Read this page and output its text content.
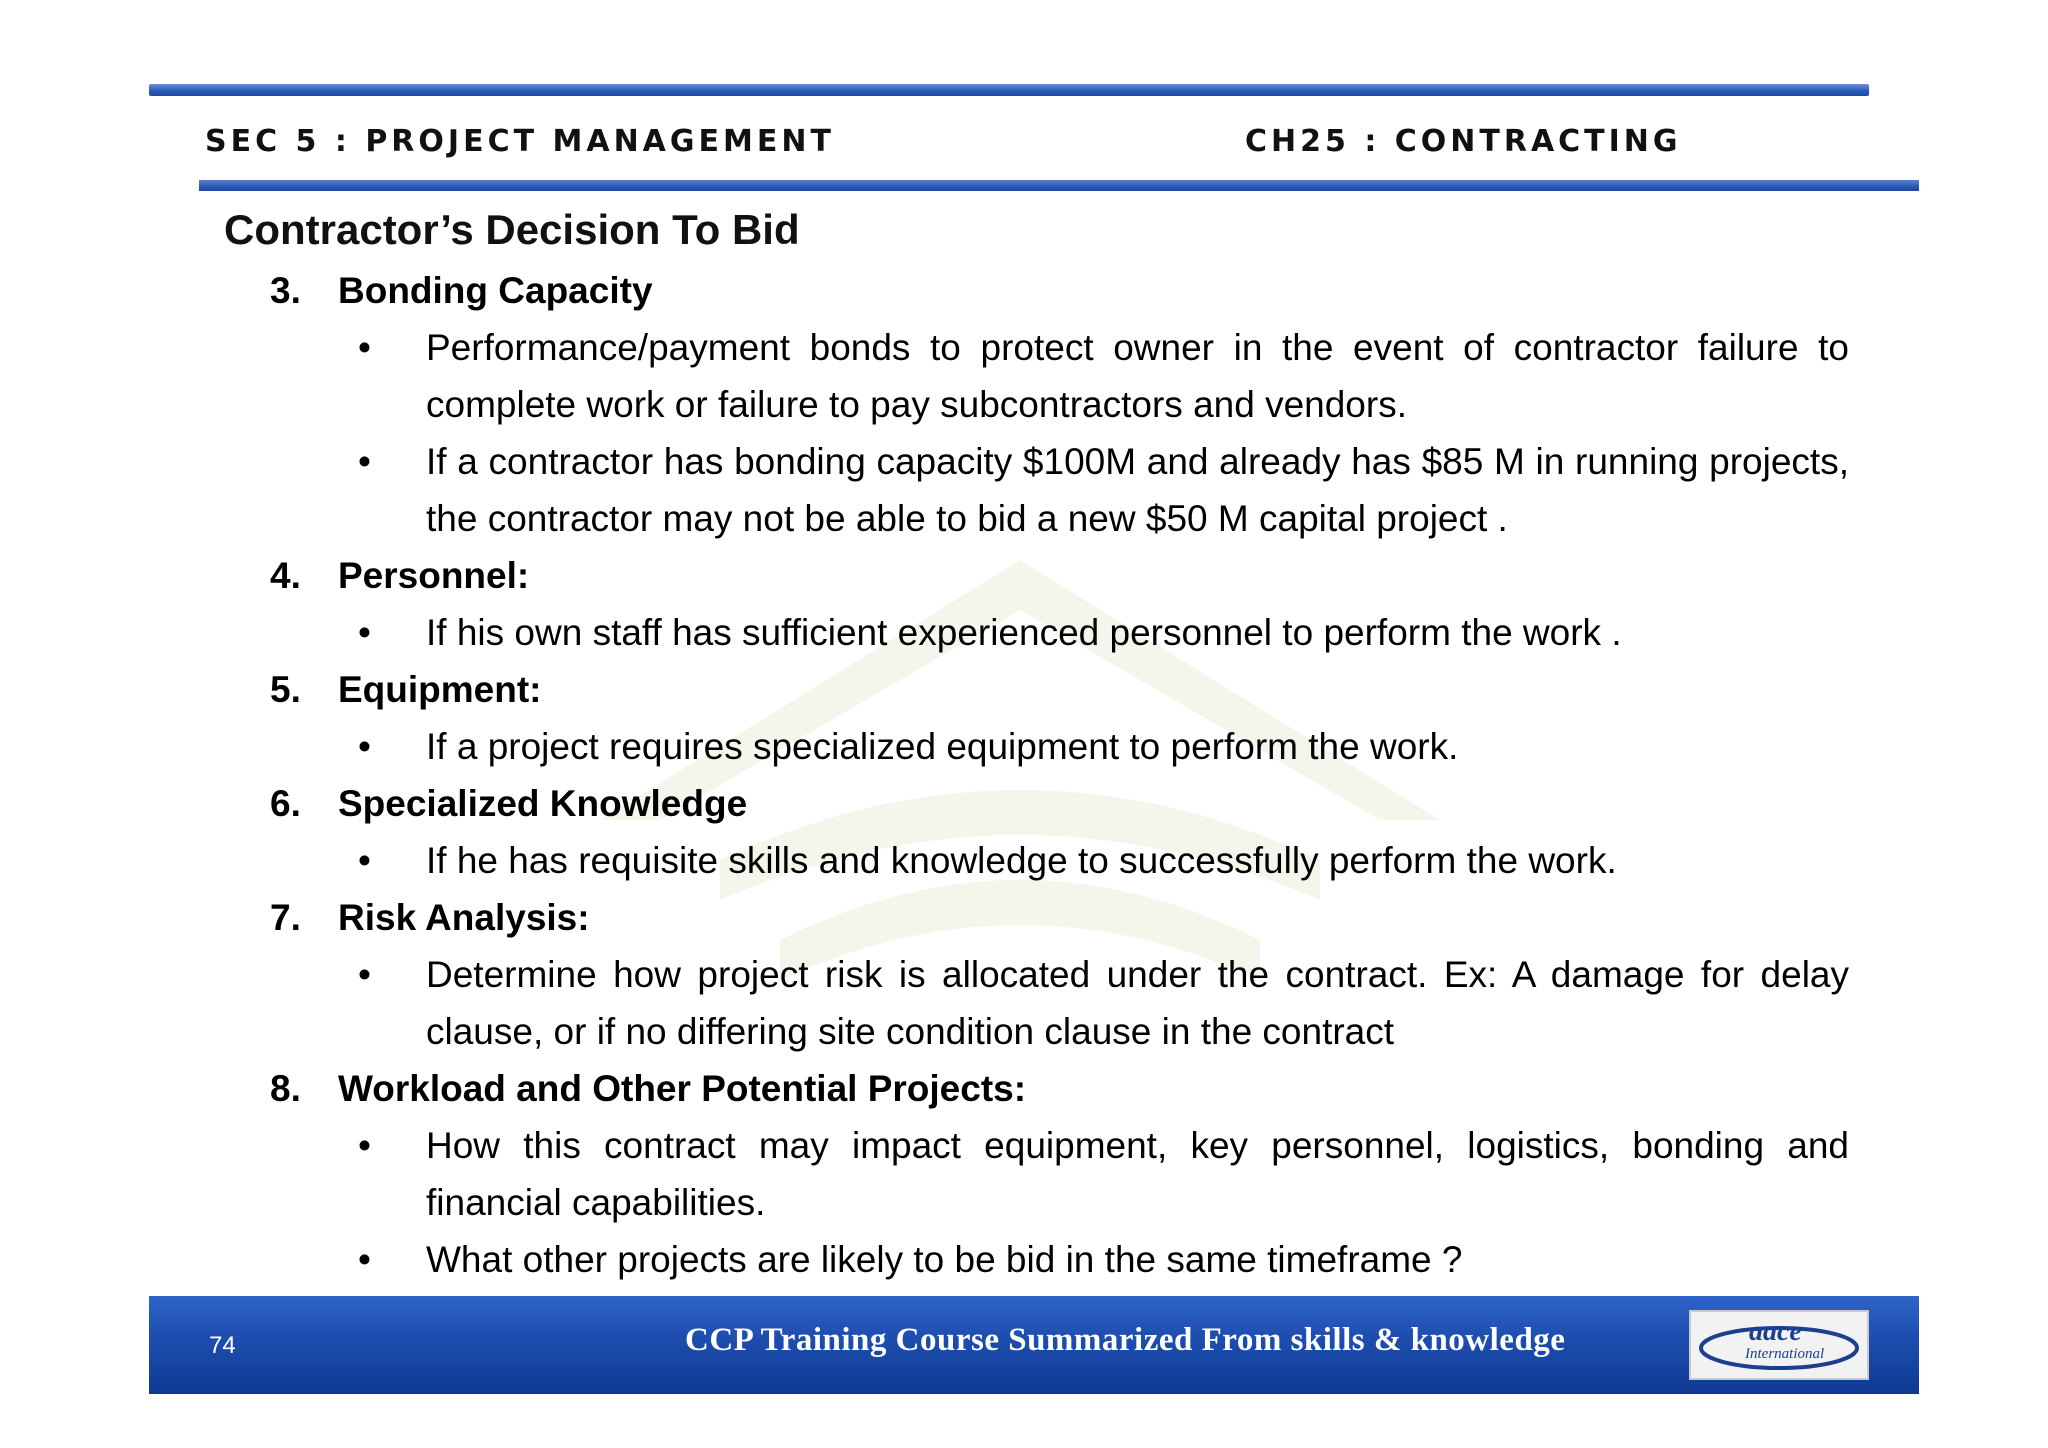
SEC 5 : PROJECT MANAGEMENT	CH25 : CONTRACTING
Contractor’s Decision To Bid
3. Bonding Capacity
• Performance/payment bonds to protect owner in the event of contractor failure to complete work or failure to pay subcontractors and vendors.
• If a contractor has bonding capacity $100M and already has $85 M in running projects, the contractor may not be able to bid a new $50 M capital project .
4. Personnel:
• If his own staff has sufficient experienced personnel to perform the work .
5. Equipment:
• If a project requires specialized equipment to perform the work.
6. Specialized Knowledge
• If he has requisite skills and knowledge to successfully perform the work.
7. Risk Analysis:
• Determine how project risk is allocated under the contract. Ex: A damage for delay clause, or if no differing site condition clause in the contract
8. Workload and Other Potential Projects:
• How this contract may impact equipment, key personnel, logistics, bonding and financial capabilities.
• What other projects are likely to be bid in the same timeframe ?
74	CCP Training Course Summarized From skills & knowledge	aace
International
